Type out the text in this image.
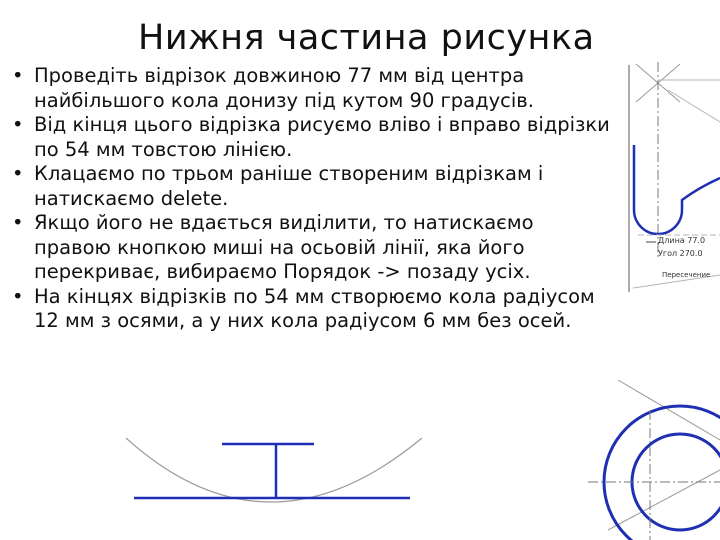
Нижня частина рисунка
• Проведіть відрізок довжиною 77 мм від центра найбільшого кола донизу під кутом 90 градусів.
• Від кінця цього відрізка рисуємо вліво і вправо відрізки по 54 мм товстою лінією.
• Клацаємо по трьом раніше створеним відрізкам і натискаємо delete.
• Якщо його не вдається виділити, то натискаємо правою кнопкою миші на осьовій лінії, яка його перекриває, вибираємо Порядок -> позаду усіх.
• На кінцях відрізків по 54 мм створюємо кола радіусом 12 мм з осями, а у них кола радіусом 6 мм без осей.
Длина 77.0
Угол 270.0
Пересечение
